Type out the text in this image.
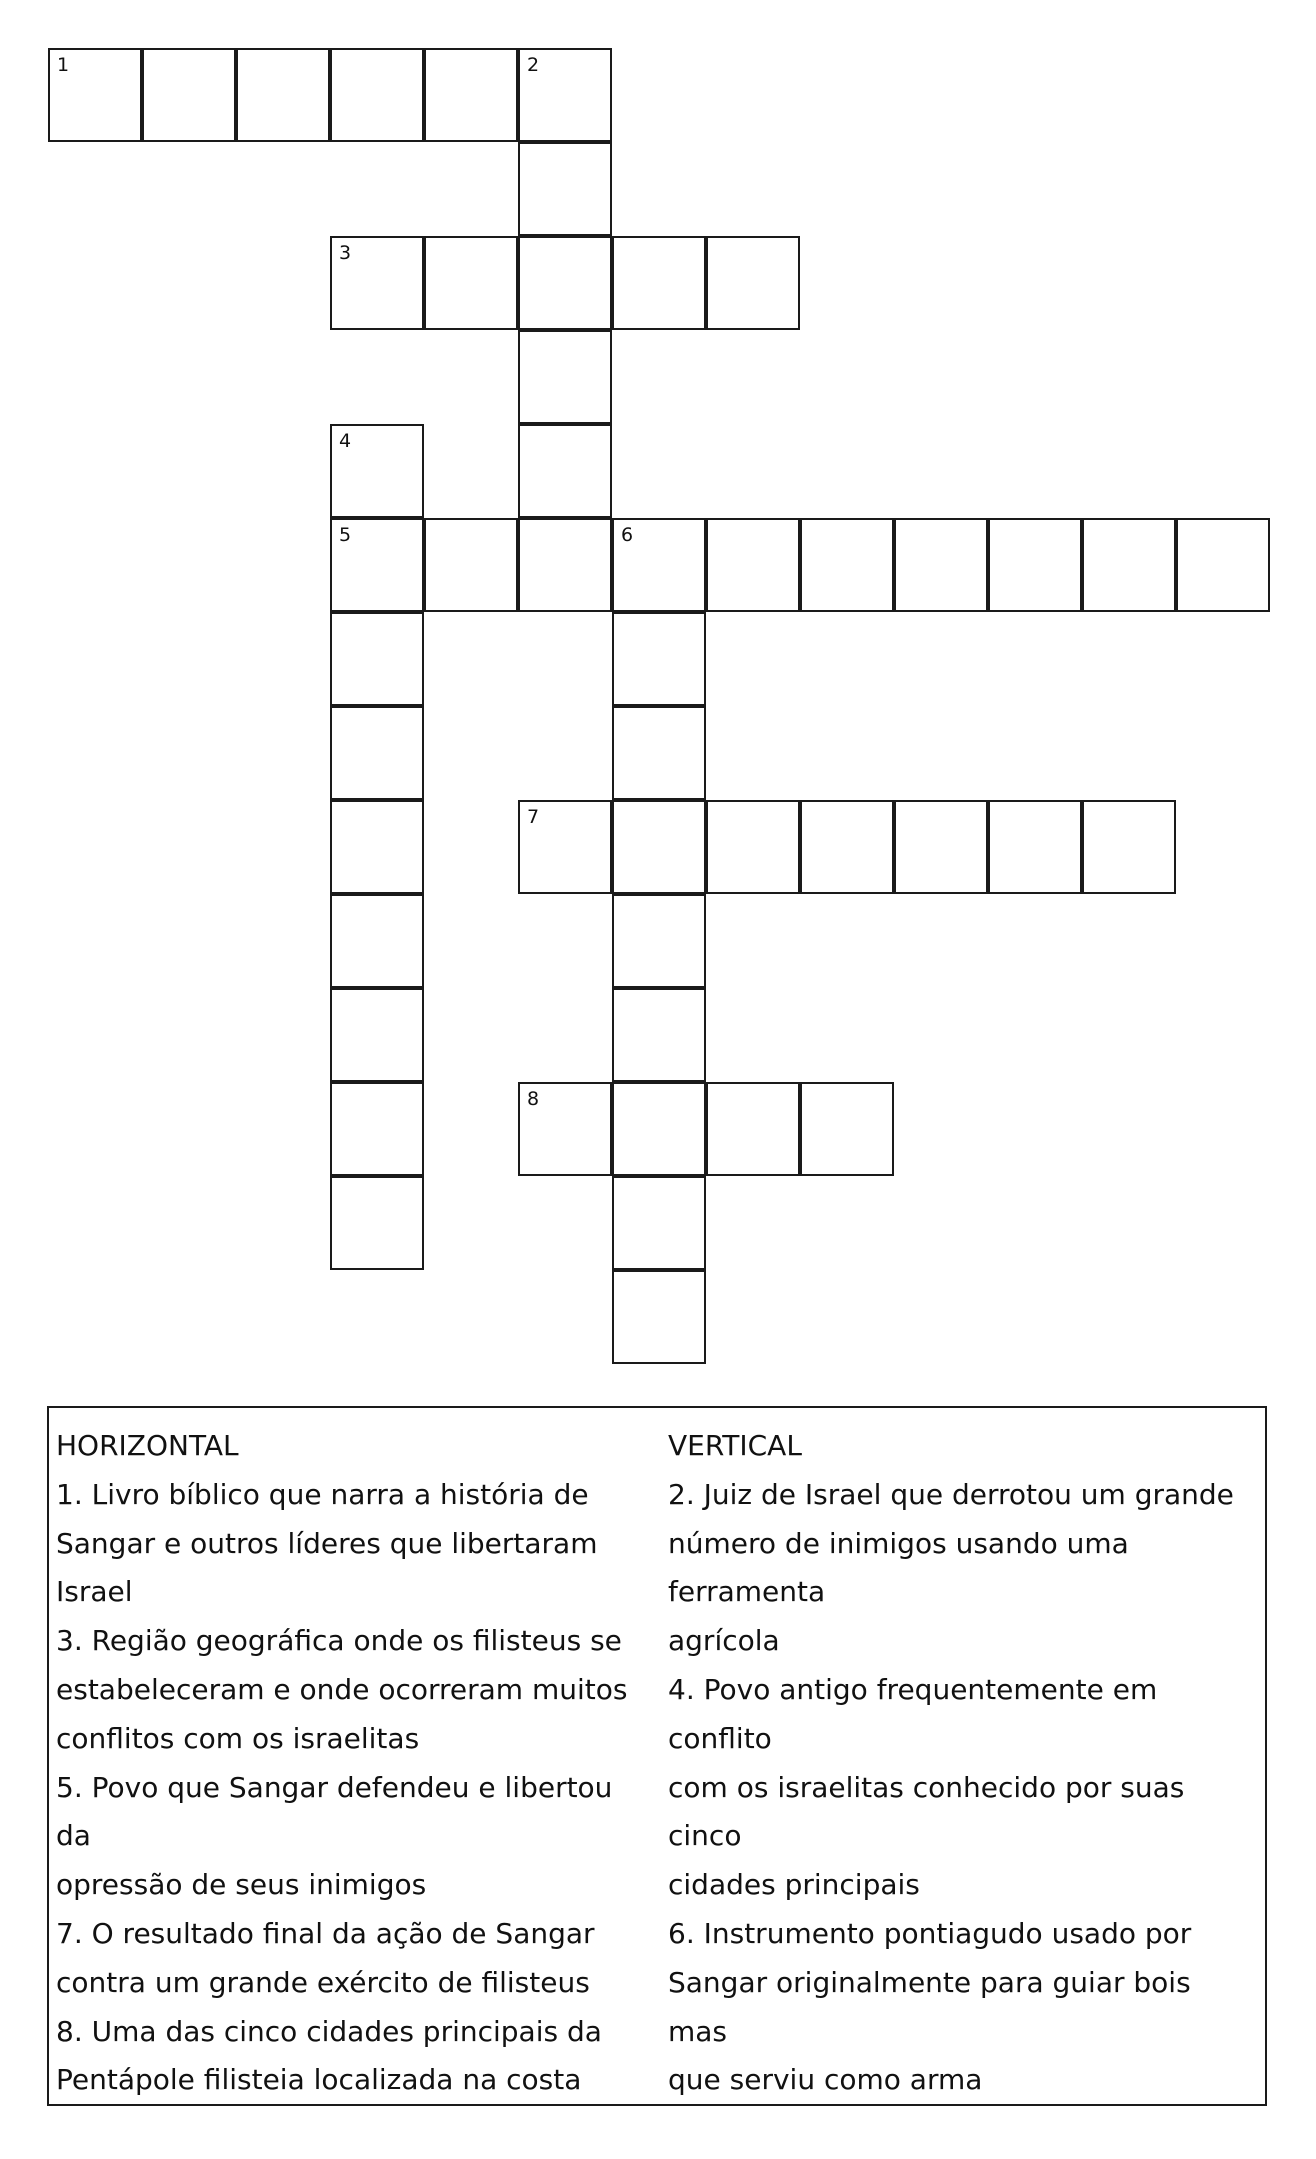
1	2
3
4
5	6
7
8
HORIZONTAL
1. Livro bíblico que narra a história de
Sangar e outros líderes que libertaram
Israel
3. Região geográfica onde os filisteus se
estabeleceram e onde ocorreram muitos
conflitos com os israelitas
5. Povo que Sangar defendeu e libertou da
opressão de seus inimigos
7. O resultado final da ação de Sangar
contra um grande exército de filisteus
8. Uma das cinco cidades principais da
Pentápole filisteia localizada na costa
VERTICAL
2. Juiz de Israel que derrotou um grande
número de inimigos usando uma ferramenta
agrícola
4. Povo antigo frequentemente em conflito
com os israelitas conhecido por suas cinco
cidades principais
6. Instrumento pontiagudo usado por
Sangar originalmente para guiar bois mas
que serviu como arma
